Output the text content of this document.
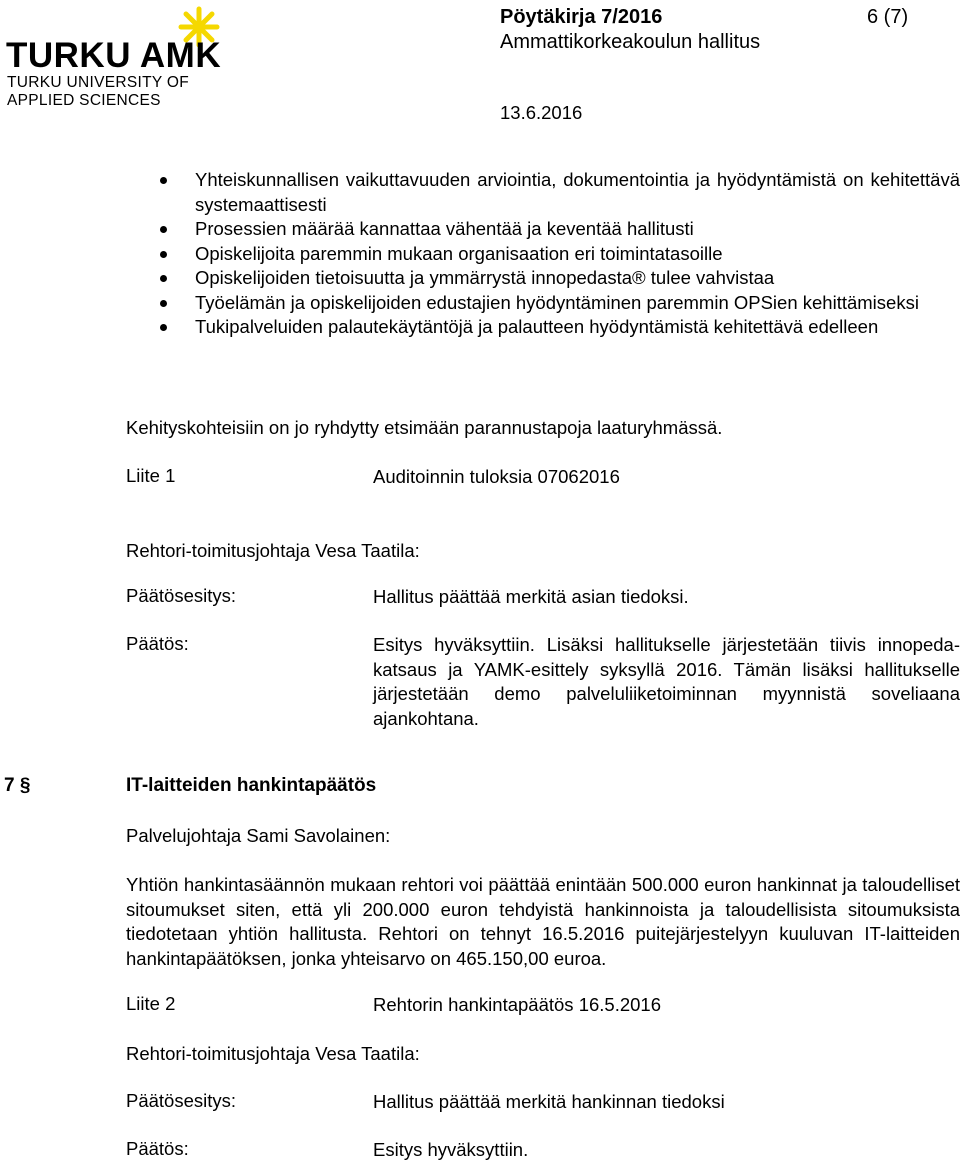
TURKU AMK
TURKU UNIVERSITY OF
APPLIED SCIENCES
Pöytäkirja 7/2016	6 (7)
Ammattikorkeakoulun hallitus
13.6.2016
Yhteiskunnallisen vaikuttavuuden arviointia, dokumentointia ja hyödyntämistä on kehitettävä systemaattisesti
Prosessien määrää kannattaa vähentää ja keventää hallitusti
Opiskelijoita paremmin mukaan organisaation eri toimintatasoille
Opiskelijoiden tietoisuutta ja ymmärrystä innopedasta® tulee vahvistaa
Työelämän ja opiskelijoiden edustajien hyödyntäminen paremmin OPSien kehittämiseksi
Tukipalveluiden palautekäytäntöjä ja palautteen hyödyntämistä kehitettävä edelleen
Kehityskohteisiin on jo ryhdytty etsimään parannustapoja laaturyhmässä.
Liite 1	Auditoinnin tuloksia 07062016
Rehtori-toimitusjohtaja Vesa Taatila:
Päätösesitys:	Hallitus päättää merkitä asian tiedoksi.
Päätös:	Esitys hyväksyttiin. Lisäksi hallitukselle järjestetään tiivis innopeda-katsaus ja YAMK-esittely syksyllä 2016. Tämän lisäksi hallitukselle järjestetään demo palveluliiketoiminnan myynnistä soveliaana ajankohtana.
7 §	IT-laitteiden hankintapäätös
Palvelujohtaja Sami Savolainen:
Yhtiön hankintasäännön mukaan rehtori voi päättää enintään 500.000 euron hankinnat ja taloudelliset sitoumukset siten, että yli 200.000 euron tehdyistä hankinnoista ja taloudellisista sitoumuksista tiedotetaan yhtiön hallitusta. Rehtori on tehnyt 16.5.2016 puitejärjestelyyn kuuluvan IT-laitteiden hankintapäätöksen, jonka yhteisarvo on 465.150,00 euroa.
Liite 2	Rehtorin hankintapäätös 16.5.2016
Rehtori-toimitusjohtaja Vesa Taatila:
Päätösesitys:	Hallitus päättää merkitä hankinnan tiedoksi
Päätös:	Esitys hyväksyttiin.
